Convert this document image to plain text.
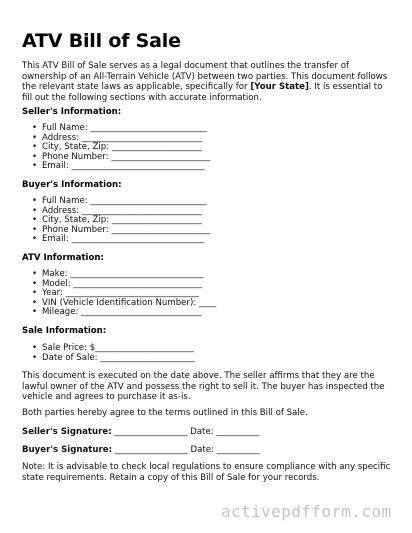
ATV Bill of Sale

This ATV Bill of Sale serves as a legal document that outlines the transfer of ownership of an All-Terrain Vehicle (ATV) between two parties. This document follows the relevant state laws as applicable, specifically for [Your State]. It is essential to fill out the following sections with accurate information.

Seller's Information:
• Full Name: ___________________________
• Address: ____________________________
• City, State, Zip: _____________________
• Phone Number: _______________________
• Email: _______________________________
Buyer's Information:
• Full Name: ___________________________
• Address: ____________________________
• City, State, Zip: _____________________
• Phone Number: _______________________
• Email: _______________________________
ATV Information:
• Make: _______________________________
• Model: ______________________________
• Year: _______________________________
• VIN (Vehicle Identification Number): ____
• Mileage: ____________________________
Sale Information:
• Sale Price: $_______________________
• Date of Sale: ______________________

This document is executed on the date above. The seller affirms that they are the lawful owner of the ATV and possess the right to sell it. The buyer has inspected the vehicle and agrees to purchase it as-is.

Both parties hereby agree to the terms outlined in this Bill of Sale.

Seller's Signature: _________________ Date: __________
Buyer's Signature: _________________ Date: __________

Note: It is advisable to check local regulations to ensure compliance with any specific state requirements. Retain a copy of this Bill of Sale for your records.

activepdfform.com
